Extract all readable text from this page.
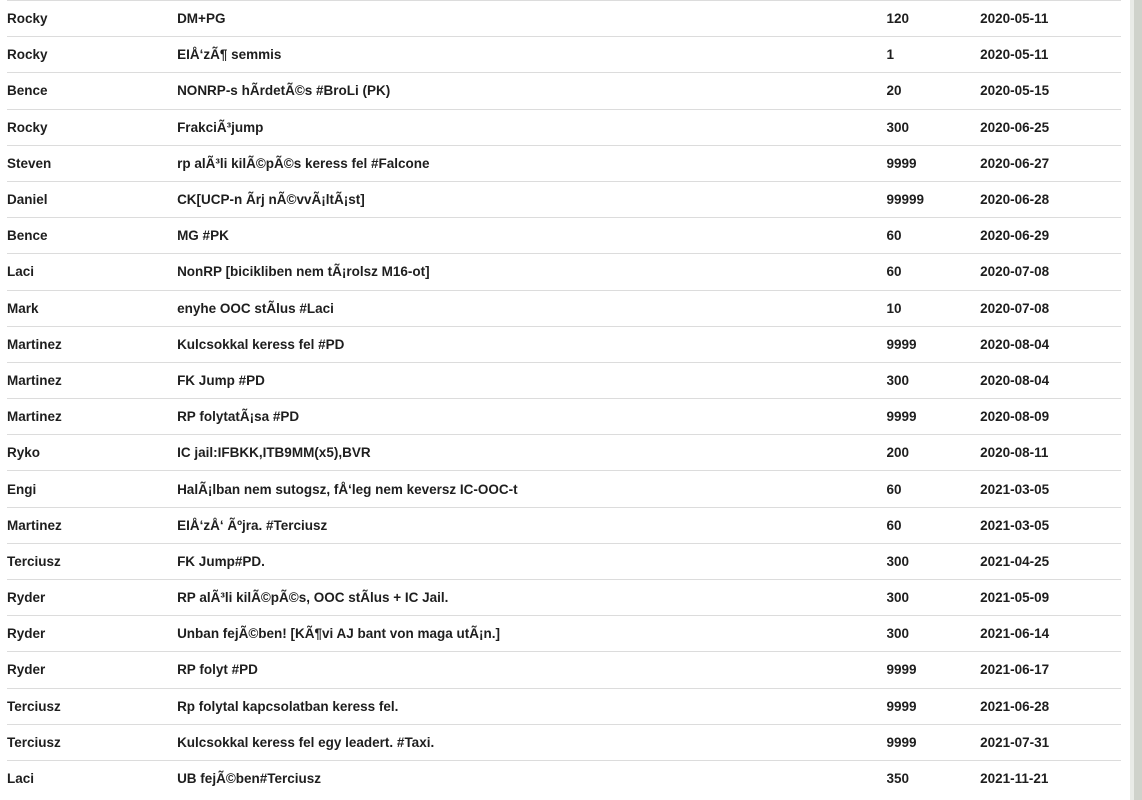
Rocky	DM+PG	120	2020-05-11
Rocky	EIÅ‘zÃ¶ semmis	1	2020-05-11
Bence	NONRP-s hÃrdetÃ©s #BroLi (PK)	20	2020-05-15
Rocky	FrakciÃ³jump	300	2020-06-25
Steven	rp alÃ³li kilÃ©pÃ©s keress fel #Falcone	9999	2020-06-27
Daniel	CK[UCP-n Ãrj nÃ©vvÃ¡ltÃ¡st]	99999	2020-06-28
Bence	MG #PK	60	2020-06-29
Laci	NonRP [bicikliben nem tÃ¡rolsz M16-ot]	60	2020-07-08
Mark	enyhe OOC stÃlus #Laci	10	2020-07-08
Martinez	Kulcsokkal keress fel #PD	9999	2020-08-04
Martinez	FK Jump #PD	300	2020-08-04
Martinez	RP folytatÃ¡sa #PD	9999	2020-08-09
Ryko	IC jail:IFBKK,ITB9MM(x5),BVR	200	2020-08-11
Engi	HalÃ¡lban nem sutogsz, fÅ‘leg nem keversz IC-OOC-t	60	2021-03-05
Martinez	EIÅ‘zÅ‘ Ãºjra. #Terciusz	60	2021-03-05
Terciusz	FK Jump#PD.	300	2021-04-25
Ryder	RP alÃ³li kilÃ©pÃ©s, OOC stÃlus + IC Jail.	300	2021-05-09
Ryder	Unban fejÃ©ben! [KÃ¶vi AJ bant von maga utÃ¡n.]	300	2021-06-14
Ryder	RP folyt #PD	9999	2021-06-17
Terciusz	Rp folytal kapcsolatban keress fel.	9999	2021-06-28
Terciusz	Kulcsokkal keress fel egy leadert. #Taxi.	9999	2021-07-31
Laci	UB fejÃ©ben#Terciusz	350	2021-11-21
